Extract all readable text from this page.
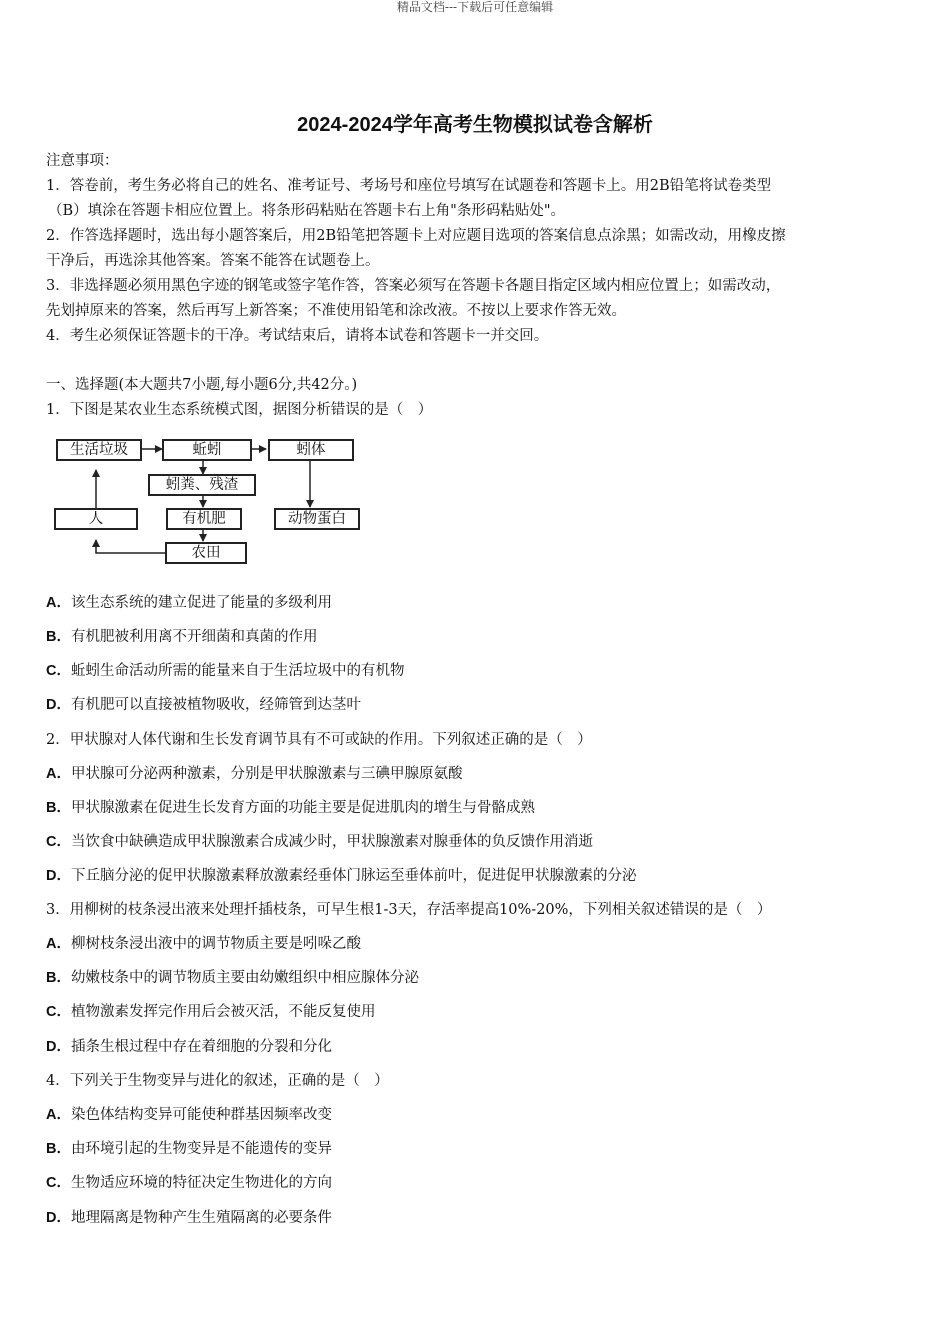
精品文档---下载后可任意编辑
2024-2024学年高考生物模拟试卷含解析
注意事项：
1．答卷前，考生务必将自己的姓名、准考证号、考场号和座位号填写在试题卷和答题卡上。用2B铅笔将试卷类型
（B）填涂在答题卡相应位置上。将条形码粘贴在答题卡右上角"条形码粘贴处"。
2．作答选择题时，选出每小题答案后，用2B铅笔把答题卡上对应题目选项的答案信息点涂黑；如需改动，用橡皮擦
干净后，再选涂其他答案。答案不能答在试题卷上。
3．非选择题必须用黑色字迹的钢笔或签字笔作答，答案必须写在答题卡各题目指定区域内相应位置上；如需改动，
先划掉原来的答案，然后再写上新答案；不准使用铅笔和涂改液。不按以上要求作答无效。
4．考生必须保证答题卡的干净。考试结束后，请将本试卷和答题卡一并交回。
一、选择题(本大题共7小题,每小题6分,共42分。)
1．下图是某农业生态系统模式图，据图分析错误的是（　）
生活垃圾	蚯蚓	蚓体
蚓粪、残渣
人	有机肥	动物蛋白
农田
A．该生态系统的建立促进了能量的多级利用
B．有机肥被利用离不开细菌和真菌的作用
C．蚯蚓生命活动所需的能量来自于生活垃圾中的有机物
D．有机肥可以直接被植物吸收，经筛管到达茎叶
2．甲状腺对人体代谢和生长发育调节具有不可或缺的作用。下列叙述正确的是（　）
A．甲状腺可分泌两种激素，分别是甲状腺激素与三碘甲腺原氨酸
B．甲状腺激素在促进生长发育方面的功能主要是促进肌肉的增生与骨骼成熟
C．当饮食中缺碘造成甲状腺激素合成减少时，甲状腺激素对腺垂体的负反馈作用消逝
D．下丘脑分泌的促甲状腺激素释放激素经垂体门脉运至垂体前叶，促进促甲状腺激素的分泌
3．用柳树的枝条浸出液来处理扦插枝条，可早生根1-3天，存活率提高10%-20%，下列相关叙述错误的是（　）
A．柳树枝条浸出液中的调节物质主要是吲哚乙酸
B．幼嫩枝条中的调节物质主要由幼嫩组织中相应腺体分泌
C．植物激素发挥完作用后会被灭活，不能反复使用
D．插条生根过程中存在着细胞的分裂和分化
4．下列关于生物变异与进化的叙述，正确的是（　）
A．染色体结构变异可能使种群基因频率改变
B．由环境引起的生物变异是不能遗传的变异
C．生物适应环境的特征决定生物进化的方向
D．地理隔离是物种产生生殖隔离的必要条件
